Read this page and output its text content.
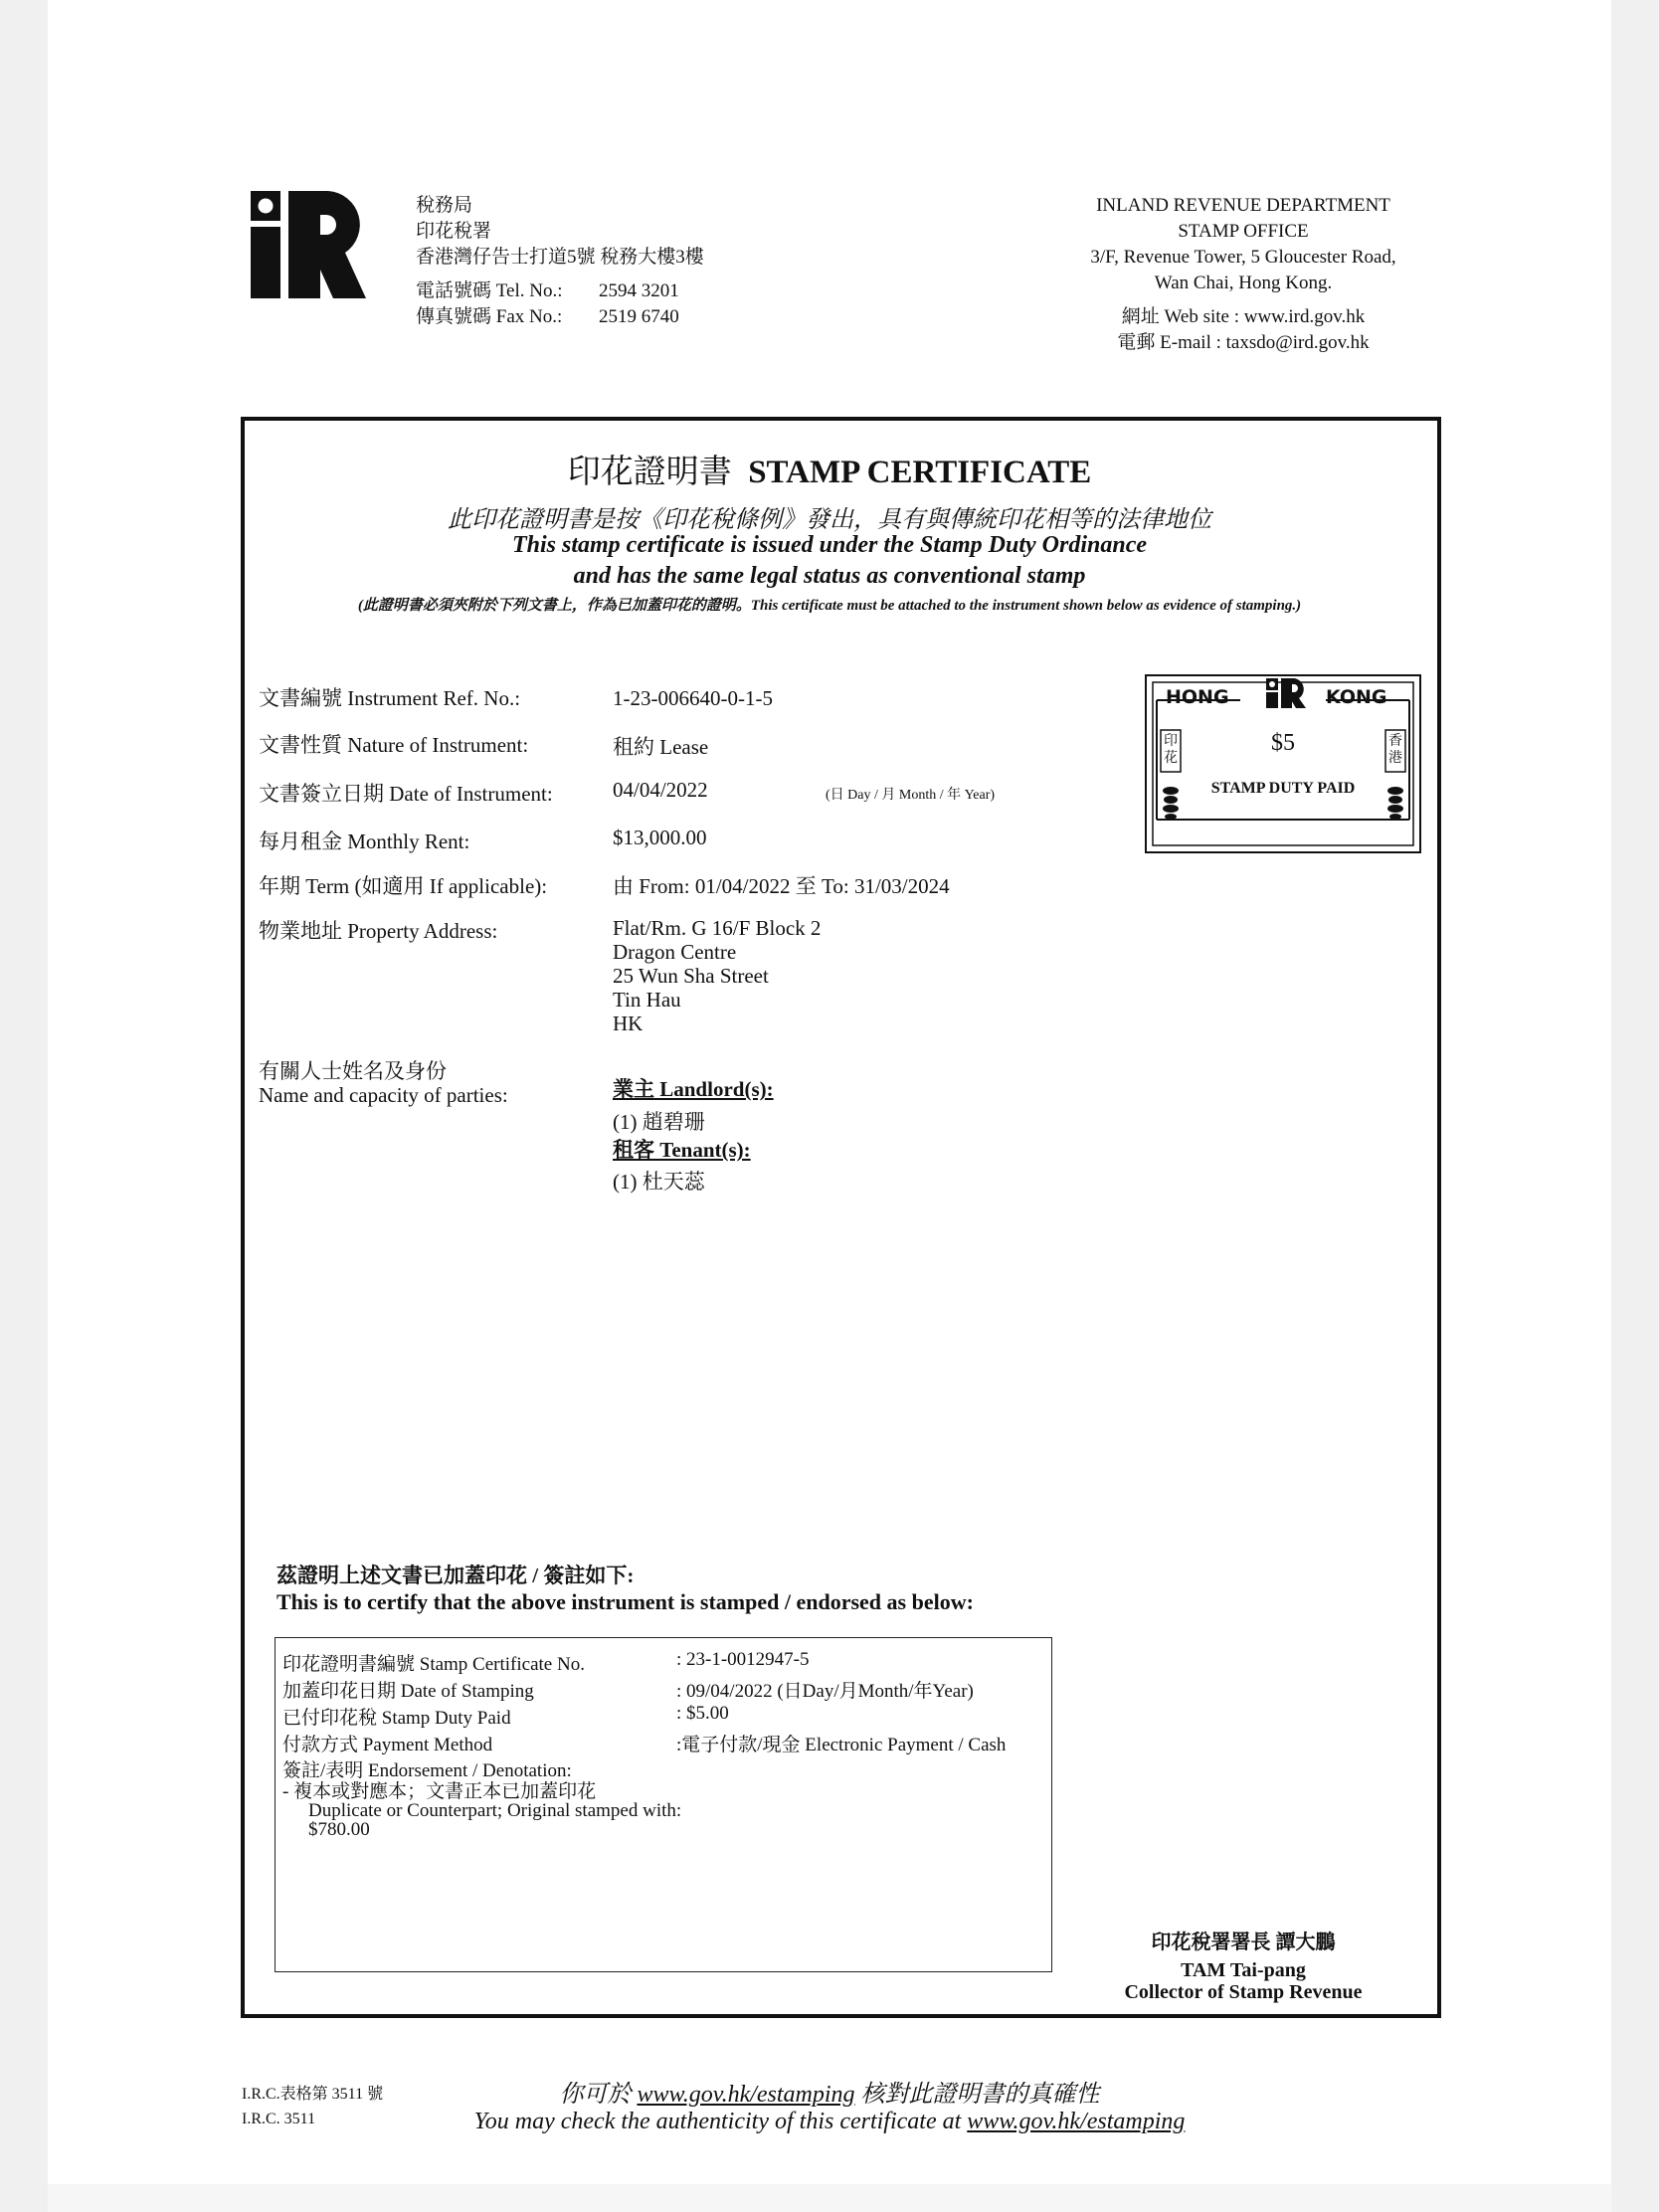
稅務局
印花稅署
香港灣仔告士打道5號 稅務大樓3樓
電話號碼 Tel. No.:	2594 3201
傳真號碼 Fax No.:	2519 6740
INLAND REVENUE DEPARTMENT
STAMP OFFICE
3/F, Revenue Tower, 5 Gloucester Road,
Wan Chai, Hong Kong.
網址 Web site : www.ird.gov.hk
電郵 E-mail : taxsdo@ird.gov.hk
印花證明書 STAMP CERTIFICATE
此印花證明書是按《印花稅條例》發出，具有與傳統印花相等的法律地位
This stamp certificate is issued under the Stamp Duty Ordinance
and has the same legal status as conventional stamp
(此證明書必須夾附於下列文書上，作為已加蓋印花的證明。This certificate must be attached to the instrument shown below as evidence of stamping.)
文書編號 Instrument Ref. No.:	1-23-006640-0-1-5
文書性質 Nature of Instrument:	租約 Lease
文書簽立日期 Date of Instrument:	04/04/2022	(日 Day / 月 Month / 年 Year)
每月租金 Monthly Rent:	$13,000.00
年期 Term (如適用 If applicable):	由 From: 01/04/2022 至 To: 31/03/2024
物業地址 Property Address:	Flat/Rm. G 16/F Block 2
Dragon Centre
25 Wun Sha Street
Tin Hau
HK
有關人士姓名及身份
Name and capacity of parties:	業主 Landlord(s):
(1) 趙碧珊
租客 Tenant(s):
(1) 杜天蕊
HONG	KONG
印花
香港
$5
STAMP DUTY PAID
茲證明上述文書已加蓋印花 / 簽註如下:
This is to certify that the above instrument is stamped / endorsed as below:
印花證明書編號 Stamp Certificate No.	: 23-1-0012947-5
加蓋印花日期 Date of Stamping	: 09/04/2022 (日Day/月Month/年Year)
已付印花稅 Stamp Duty Paid	: $5.00
付款方式 Payment Method	:電子付款/現金 Electronic Payment / Cash
簽註/表明 Endorsement / Denotation:
- 複本或對應本；文書正本已加蓋印花
Duplicate or Counterpart; Original stamped with:
$780.00
印花稅署署長 譚大鵬
TAM Tai-pang
Collector of Stamp Revenue
I.R.C.表格第 3511 號
I.R.C. 3511
你可於 www.gov.hk/estamping 核對此證明書的真確性
You may check the authenticity of this certificate at www.gov.hk/estamping
